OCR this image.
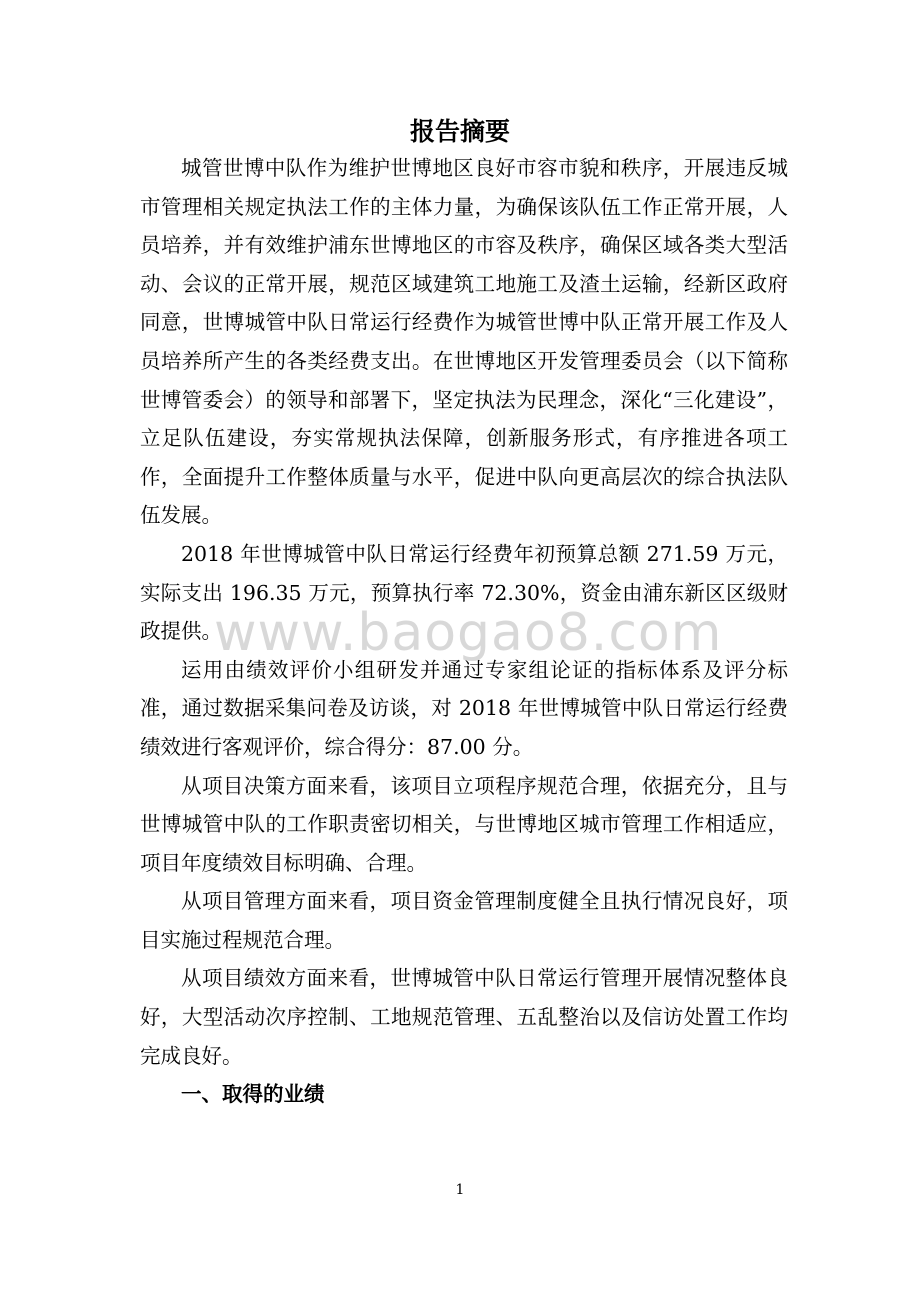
报告摘要

城管世博中队作为维护世博地区良好市容市貌和秩序，开展违反城市管理相关规定执法工作的主体力量，为确保该队伍工作正常开展，人员培养，并有效维护浦东世博地区的市容及秩序，确保区域各类大型活动、会议的正常开展，规范区域建筑工地施工及渣土运输，经新区政府同意，世博城管中队日常运行经费作为城管世博中队正常开展工作及人员培养所产生的各类经费支出。在世博地区开发管理委员会（以下简称世博管委会）的领导和部署下，坚定执法为民理念，深化“三化建设”，立足队伍建设，夯实常规执法保障，创新服务形式，有序推进各项工作，全面提升工作整体质量与水平，促进中队向更高层次的综合执法队伍发展。

2018 年世博城管中队日常运行经费年初预算总额 271.59 万元，实际支出 196.35 万元，预算执行率 72.30%，资金由浦东新区区级财政提供。

运用由绩效评价小组研发并通过专家组论证的指标体系及评分标准，通过数据采集问卷及访谈，对 2018 年世博城管中队日常运行经费绩效进行客观评价，综合得分：87.00 分。

从项目决策方面来看，该项目立项程序规范合理，依据充分，且与世博城管中队的工作职责密切相关，与世博地区城市管理工作相适应，项目年度绩效目标明确、合理。

从项目管理方面来看，项目资金管理制度健全且执行情况良好，项目实施过程规范合理。

从项目绩效方面来看，世博城管中队日常运行管理开展情况整体良好，大型活动次序控制、工地规范管理、五乱整治以及信访处置工作均完成良好。

一、取得的业绩

www.baogao8.com
1
